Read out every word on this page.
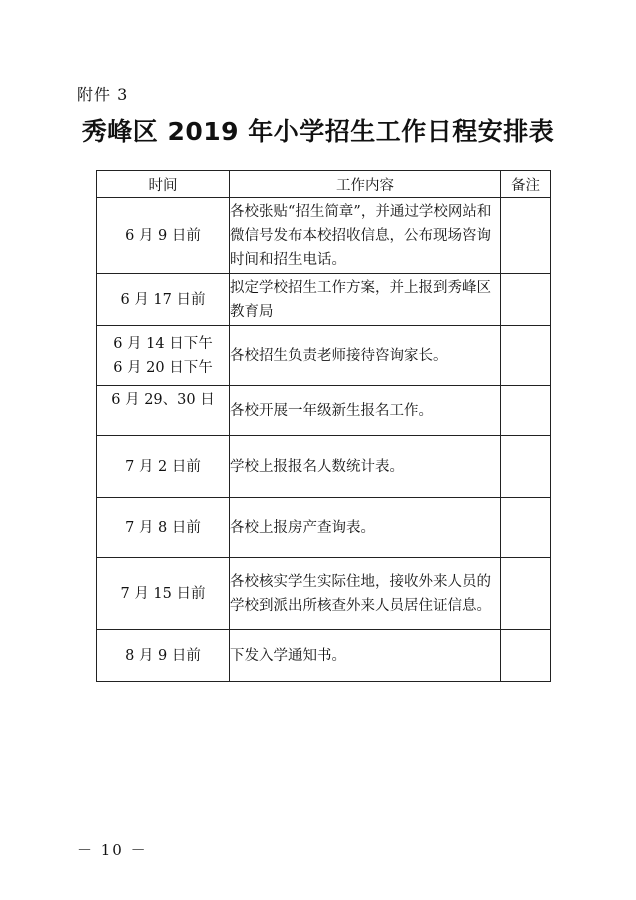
附件 3
秀峰区 2019 年小学招生工作日程安排表
时间	工作内容	备注

6 月 9 日前	各校张贴“招生简章”，并通过学校网站和微信号发布本校招收信息，公布现场咨询时间和招生电话。	

6 月 17 日前	拟定学校招生工作方案，并上报到秀峰区教育局	

6 月 14 日下午
6 月 20 日下午	各校招生负责老师接待咨询家长。	

6 月 29、30 日	各校开展一年级新生报名工作。	

7 月 2 日前	学校上报报名人数统计表。	

7 月 8 日前	各校上报房产查询表。	

7 月 15 日前	各校核实学生实际住地，接收外来人员的学校到派出所核查外来人员居住证信息。	

8 月 9 日前	下发入学通知书。	
－ 10 －
